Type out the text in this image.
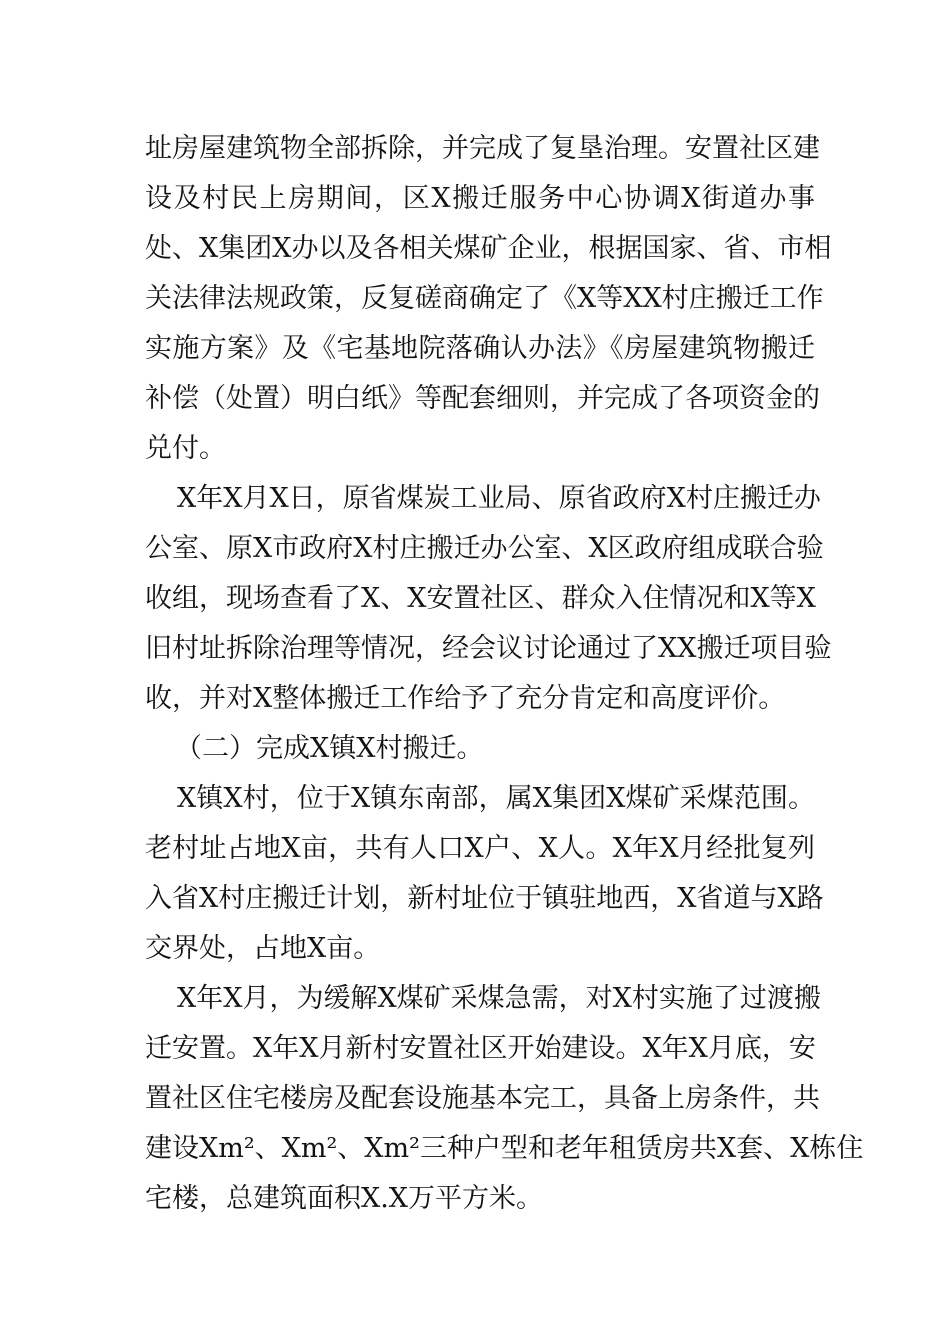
址房屋建筑物全部拆除，并完成了复垦治理。安置社区建
设及村民上房期间，区X搬迁服务中心协调X街道办事
处、X集团X办以及各相关煤矿企业，根据国家、省、市相
关法律法规政策，反复磋商确定了《X等XX村庄搬迁工作
实施方案》及《宅基地院落确认办法》《房屋建筑物搬迁
补偿（处置）明白纸》等配套细则，并完成了各项资金的
兑付。
X年X月X日，原省煤炭工业局、原省政府X村庄搬迁办
公室、原X市政府X村庄搬迁办公室、X区政府组成联合验
收组，现场查看了X、X安置社区、群众入住情况和X等X
旧村址拆除治理等情况，经会议讨论通过了XX搬迁项目验
收，并对X整体搬迁工作给予了充分肯定和高度评价。
（二）完成X镇X村搬迁。
X镇X村，位于X镇东南部，属X集团X煤矿采煤范围。
老村址占地X亩，共有人口X户、X人。X年X月经批复列
入省X村庄搬迁计划，新村址位于镇驻地西，X省道与X路
交界处，占地X亩。
X年X月，为缓解X煤矿采煤急需，对X村实施了过渡搬
迁安置。X年X月新村安置社区开始建设。X年X月底，安
置社区住宅楼房及配套设施基本完工，具备上房条件，共
建设Xm²、Xm²、Xm²三种户型和老年租赁房共X套、X栋住
宅楼，总建筑面积X.X万平方米。
